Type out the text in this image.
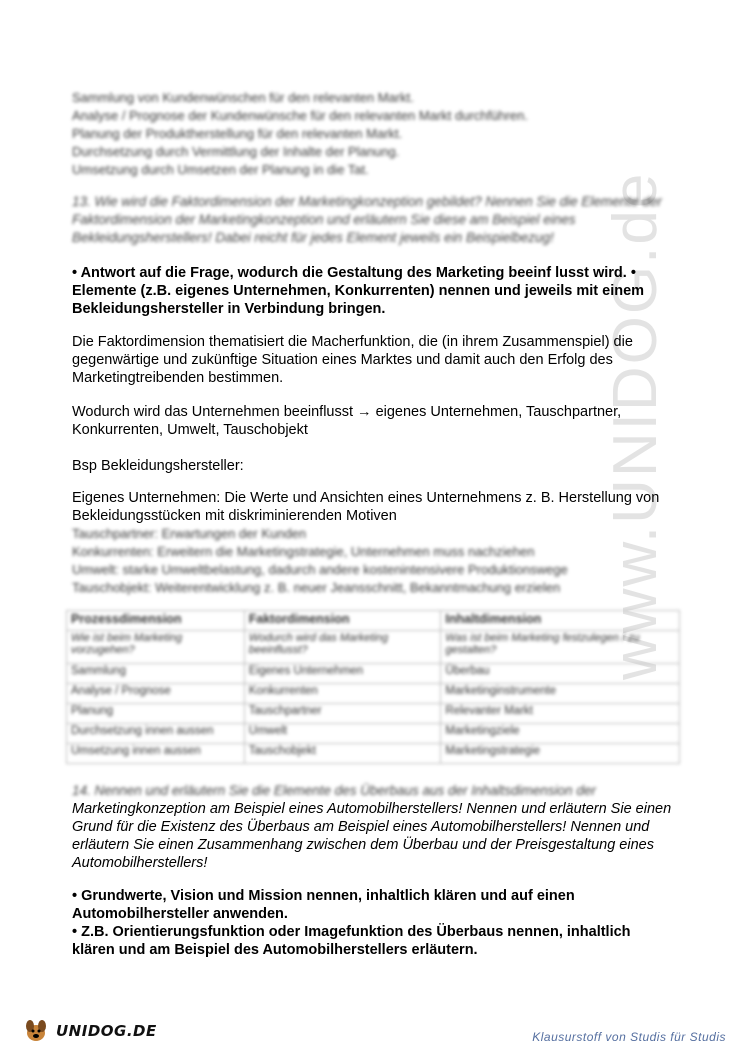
www.UNIDOG.de
Sammlung von Kundenwünschen für den relevanten Markt.
Analyse / Prognose der Kundenwünsche für den relevanten Markt durchführen.
Planung der Produktherstellung für den relevanten Markt.
Durchsetzung durch Vermittlung der Inhalte der Planung.
Umsetzung durch Umsetzen der Planung in die Tat.
13. Wie wird die Faktordimension der Marketingkonzeption gebildet? Nennen Sie die Elemente der Faktordimension der Marketingkonzeption und erläutern Sie diese am Beispiel eines Bekleidungsherstellers! Dabei reicht für jedes Element jeweils ein Beispielbezug!
• Antwort auf die Frage, wodurch die Gestaltung des Marketing beeinf lusst wird. • Elemente (z.B. eigenes Unternehmen, Konkurrenten) nennen und jeweils mit einem Bekleidungshersteller in Verbindung bringen.
Die Faktordimension thematisiert die Macherfunktion, die (in ihrem Zusammenspiel) die gegenwärtige und zukünftige Situation eines Marktes und damit auch den Erfolg des Marketingtreibenden bestimmen.
Wodurch wird das Unternehmen beeinflusst → eigenes Unternehmen, Tauschpartner, Konkurrenten, Umwelt, Tauschobjekt
Bsp Bekleidungshersteller:
Eigenes Unternehmen: Die Werte und Ansichten eines Unternehmens z. B. Herstellung von Bekleidungsstücken mit diskriminierenden Motiven
Tauschpartner: Erwartungen der Kunden
Konkurrenten: Erweitern die Marketingstrategie, Unternehmen muss nachziehen
Umwelt: starke Umweltbelastung, dadurch andere kostenintensivere Produktionswege
Tauschobjekt: Weiterentwicklung z. B. neuer Jeansschnitt, Bekanntmachung erzielen
Prozessdimension	Faktordimension	Inhaltdimension
Wie ist beim Marketing vorzugehen?	Wodurch wird das Marketing beeinflusst?	Was ist beim Marketing festzulegen / zu gestalten?
Sammlung	Eigenes Unternehmen	Überbau
Analyse / Prognose	Konkurrenten	Marketinginstrumente
Planung	Tauschpartner	Relevanter Markt
Durchsetzung innen aussen	Umwelt	Marketingziele
Umsetzung innen aussen	Tauschobjekt	Marketingstrategie
14. Nennen und erläutern Sie die Elemente des Überbaus aus der Inhaltsdimension der
Marketingkonzeption am Beispiel eines Automobilherstellers! Nennen und erläutern Sie einen Grund für die Existenz des Überbaus am Beispiel eines Automobilherstellers! Nennen und erläutern Sie einen Zusammenhang zwischen dem Überbau und der Preisgestaltung eines Automobilherstellers!
• Grundwerte, Vision und Mission nennen, inhaltlich klären und auf einen Automobilhersteller anwenden.
• Z.B. Orientierungsfunktion oder Imagefunktion des Überbaus nennen, inhaltlich klären und am Beispiel des Automobilherstellers erläutern.
UNIDOG.DE	Klausurstoff von Studis für Studis
